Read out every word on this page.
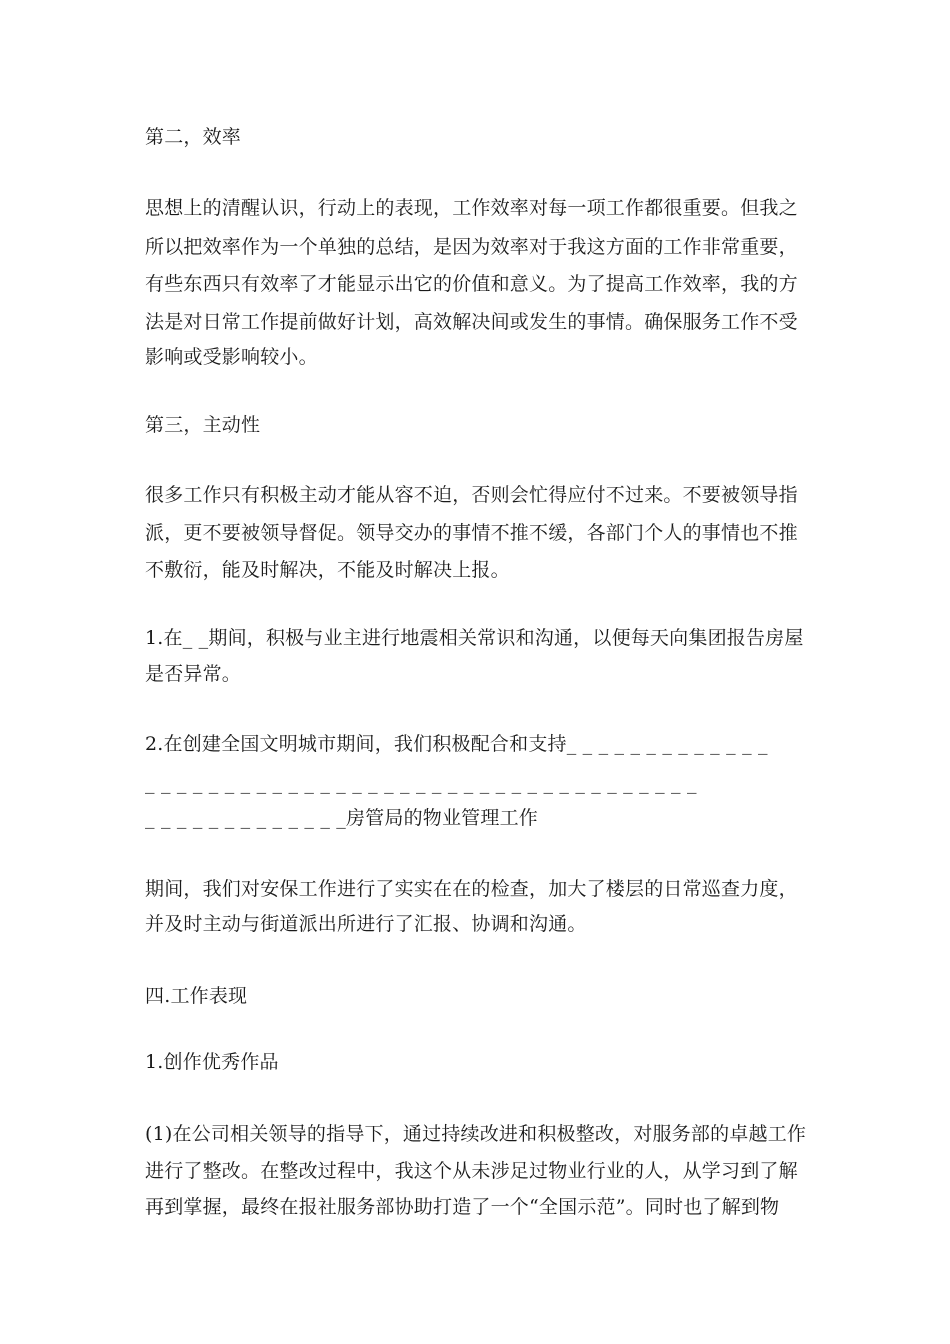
第二，效率
思想上的清醒认识，行动上的表现，工作效率对每一项工作都很重要。但我之
所以把效率作为一个单独的总结，是因为效率对于我这方面的工作非常重要，
有些东西只有效率了才能显示出它的价值和意义。为了提高工作效率，我的方
法是对日常工作提前做好计划，高效解决间或发生的事情。确保服务工作不受
影响或受影响较小。
第三，主动性
很多工作只有积极主动才能从容不迫，否则会忙得应付不过来。不要被领导指
派，更不要被领导督促。领导交办的事情不推不缓，各部门个人的事情也不推
不敷衍，能及时解决，不能及时解决上报。
1.在_ _期间，积极与业主进行地震相关常识和沟通，以便每天向集团报告房屋
是否异常。
2.在创建全国文明城市期间，我们积极配合和支持_ _ _ _ _ _ _ _ _ _ _ _ _
_ _ _ _ _ _ _ _ _ _ _ _ _ _ _ _ _ _ _ _ _ _ _ _ _ _ _ _ _ _ _ _ _ _ _
_ _ _ _ _ _ _ _ _ _ _ _ _房管局的物业管理工作
期间，我们对安保工作进行了实实在在的检查，加大了楼层的日常巡查力度，
并及时主动与街道派出所进行了汇报、协调和沟通。
四.工作表现
1.创作优秀作品
(1)在公司相关领导的指导下，通过持续改进和积极整改，对服务部的卓越工作
进行了整改。在整改过程中，我这个从未涉足过物业行业的人，从学习到了解
再到掌握，最终在报社服务部协助打造了一个“全国示范”。同时也了解到物
